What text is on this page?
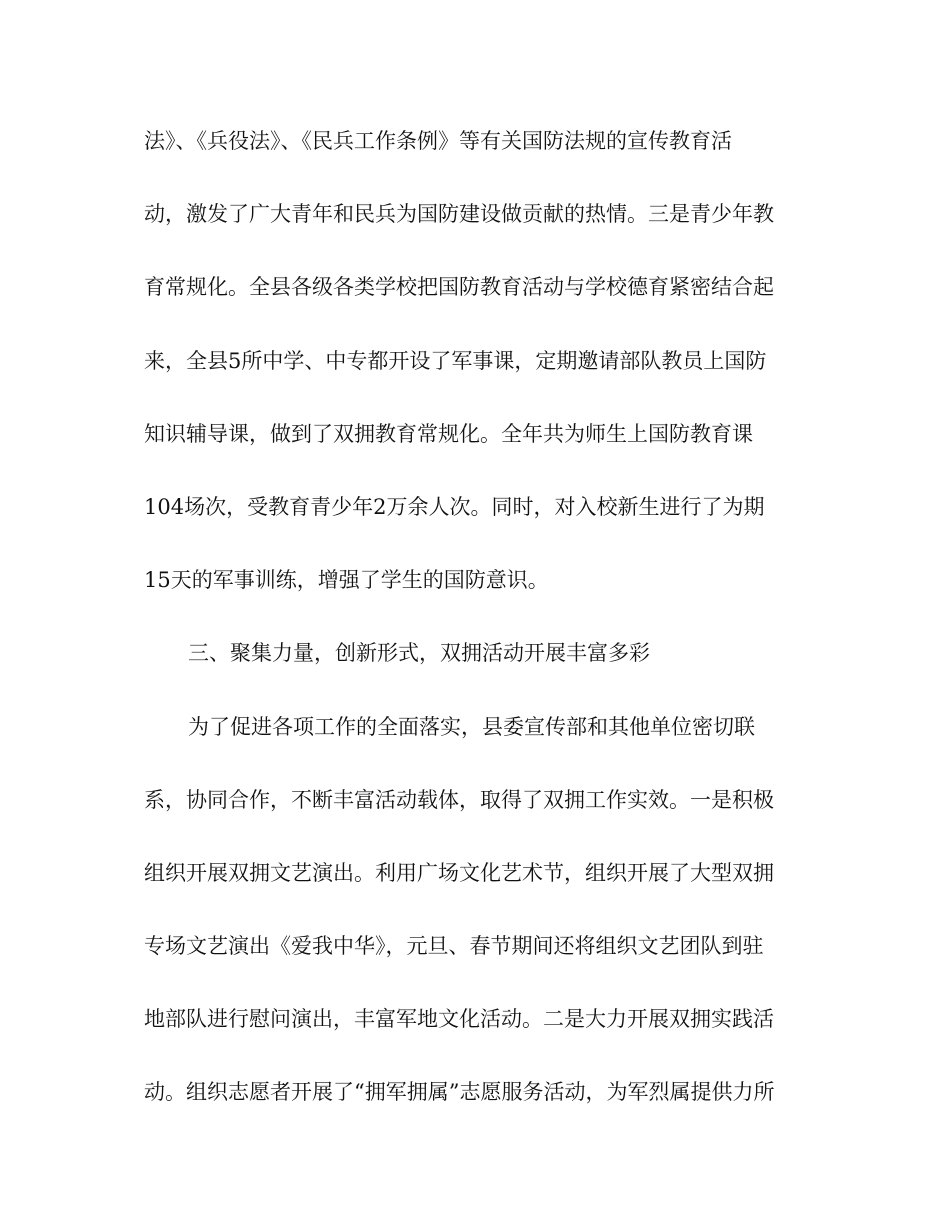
法》、《兵役法》、《民兵工作条例》等有关国防法规的宣传教育活
动，激发了广大青年和民兵为国防建设做贡献的热情。三是青少年教
育常规化。全县各级各类学校把国防教育活动与学校德育紧密结合起
来，全县5所中学、中专都开设了军事课，定期邀请部队教员上国防
知识辅导课，做到了双拥教育常规化。全年共为师生上国防教育课
104场次，受教育青少年2万余人次。同时，对入校新生进行了为期
15天的军事训练，增强了学生的国防意识。
三、聚集力量，创新形式，双拥活动开展丰富多彩
为了促进各项工作的全面落实，县委宣传部和其他单位密切联
系，协同合作，不断丰富活动载体，取得了双拥工作实效。一是积极
组织开展双拥文艺演出。利用广场文化艺术节，组织开展了大型双拥
专场文艺演出《爱我中华》，元旦、春节期间还将组织文艺团队到驻
地部队进行慰问演出，丰富军地文化活动。二是大力开展双拥实践活
动。组织志愿者开展了“拥军拥属”志愿服务活动，为军烈属提供力所
